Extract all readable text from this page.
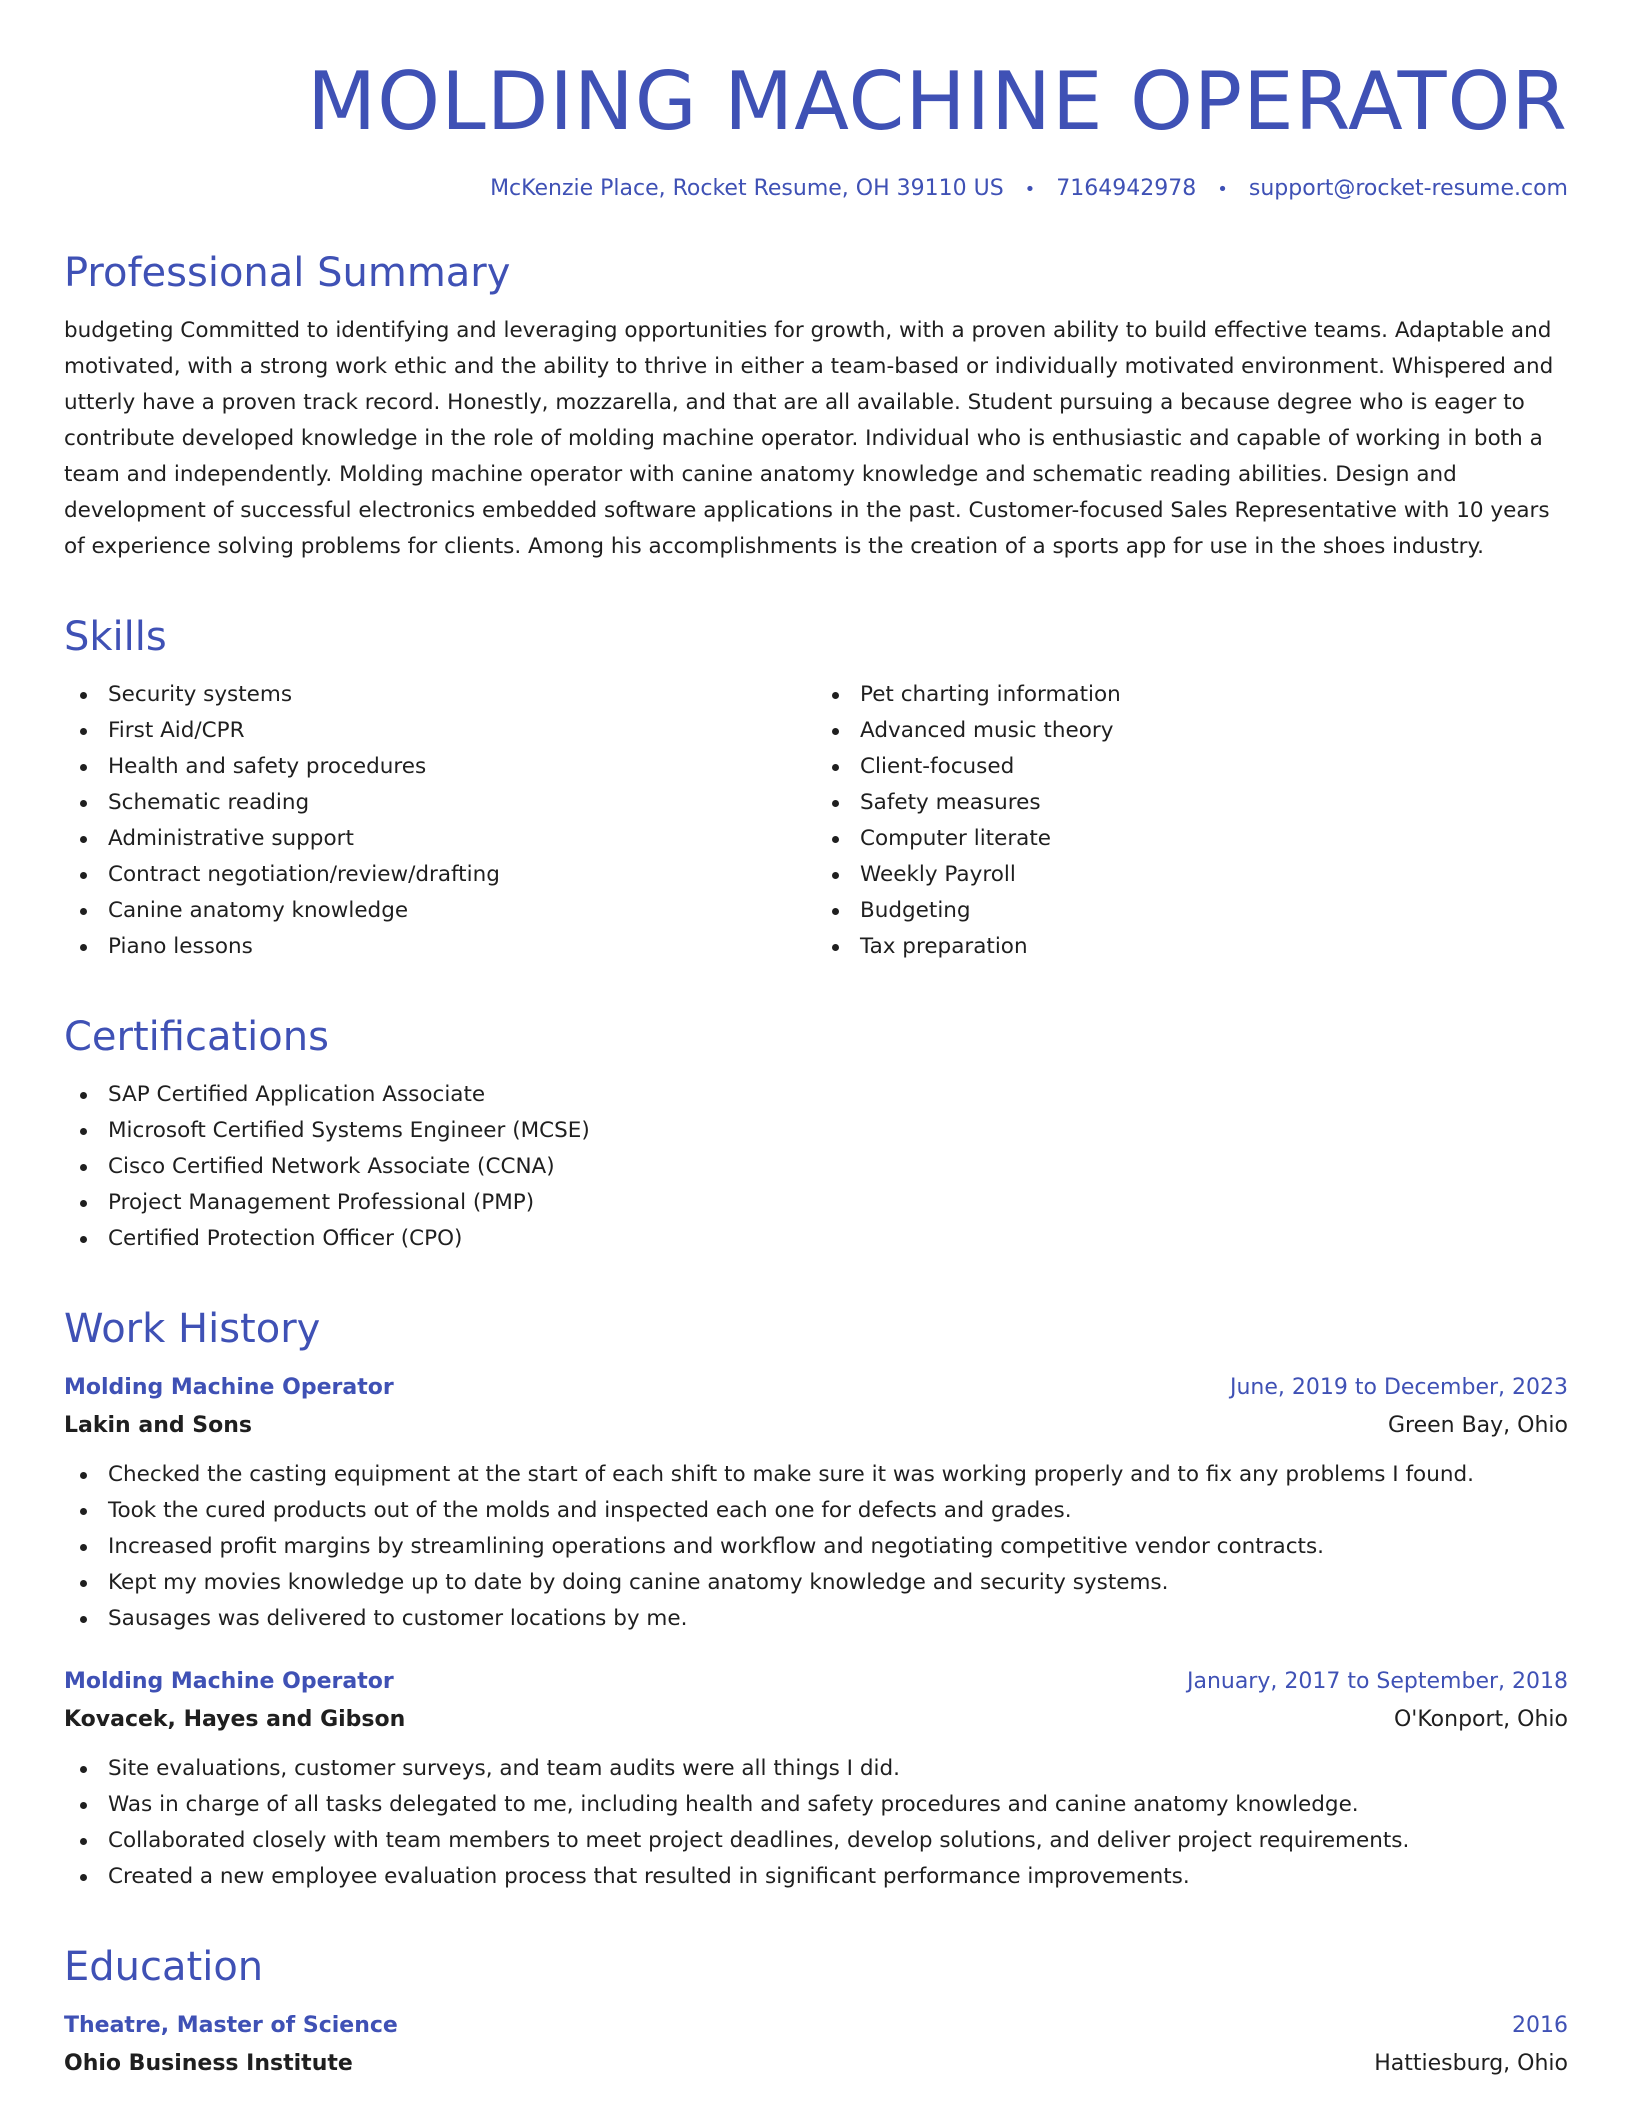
MOLDING MACHINE OPERATOR
McKenzie Place, Rocket Resume, OH 39110 US • 7164942978 • support@rocket-resume.com
Professional Summary

budgeting Committed to identifying and leveraging opportunities for growth, with a proven ability to build effective teams. Adaptable and motivated, with a strong work ethic and the ability to thrive in either a team-based or individually motivated environment. Whispered and utterly have a proven track record. Honestly, mozzarella, and that are all available. Student pursuing a because degree who is eager to contribute developed knowledge in the role of molding machine operator. Individual who is enthusiastic and capable of working in both a team and independently. Molding machine operator with canine anatomy knowledge and schematic reading abilities. Design and development of successful electronics embedded software applications in the past. Customer-focused Sales Representative with 10 years of experience solving problems for clients. Among his accomplishments is the creation of a sports app for use in the shoes industry.

Skills
Security systems
First Aid/CPR
Health and safety procedures
Schematic reading
Administrative support
Contract negotiation/review/drafting
Canine anatomy knowledge
Piano lessons
Pet charting information
Advanced music theory
Client-focused
Safety measures
Computer literate
Weekly Payroll
Budgeting
Tax preparation
Certifications
SAP Certified Application Associate
Microsoft Certified Systems Engineer (MCSE)
Cisco Certified Network Associate (CCNA)
Project Management Professional (PMP)
Certified Protection Officer (CPO)
Work History
Molding Machine Operator	June, 2019 to December, 2023
Lakin and Sons	Green Bay, Ohio
Checked the casting equipment at the start of each shift to make sure it was working properly and to fix any problems I found.
Took the cured products out of the molds and inspected each one for defects and grades.
Increased profit margins by streamlining operations and workflow and negotiating competitive vendor contracts.
Kept my movies knowledge up to date by doing canine anatomy knowledge and security systems.
Sausages was delivered to customer locations by me.
Molding Machine Operator	January, 2017 to September, 2018
Kovacek, Hayes and Gibson	O'Konport, Ohio
Site evaluations, customer surveys, and team audits were all things I did.
Was in charge of all tasks delegated to me, including health and safety procedures and canine anatomy knowledge.
Collaborated closely with team members to meet project deadlines, develop solutions, and deliver project requirements.
Created a new employee evaluation process that resulted in significant performance improvements.
Education
Theatre, Master of Science	2016
Ohio Business Institute	Hattiesburg, Ohio
